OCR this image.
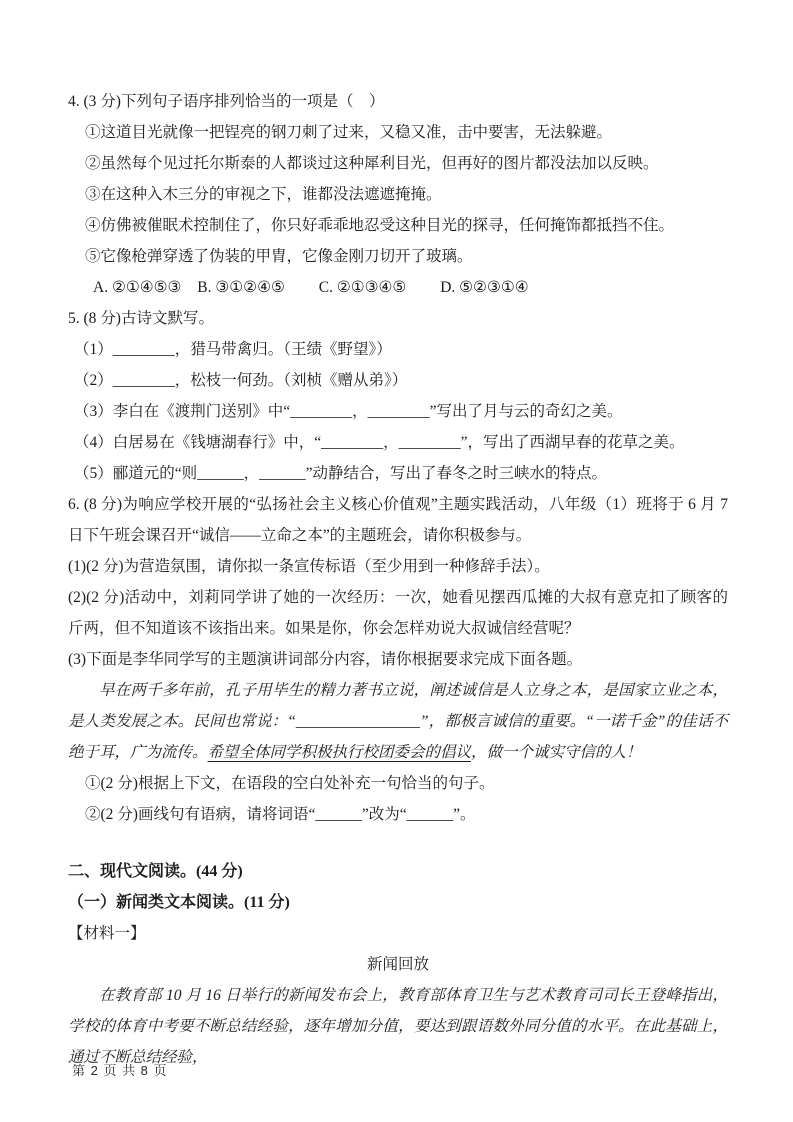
4. (3 分)下列句子语序排列恰当的一项是（　）

①这道目光就像一把锃亮的钢刀刺了过来，又稳又准，击中要害，无法躲避。

②虽然每个见过托尔斯泰的人都谈过这种犀利目光，但再好的图片都没法加以反映。

③在这种入木三分的审视之下，谁都没法遮遮掩掩。

④仿佛被催眠术控制住了，你只好乖乖地忍受这种目光的探寻，任何掩饰都抵挡不住。

⑤它像枪弹穿透了伪装的甲胄，它像金刚刀切开了玻璃。

A. ②①④⑤③ B. ③①②④⑤ C. ②①③④⑤ D. ⑤②③①④

5. (8 分)古诗文默写。

（1）________，猎马带禽归。（王绩《野望》）

（2）________，松枝一何劲。（刘桢《赠从弟》）

（3）李白在《渡荆门送别》中“________，________”写出了月与云的奇幻之美。

（4）白居易在《钱塘湖春行》中，“________，________”，写出了西湖早春的花草之美。

（5）郦道元的“则______，______”动静结合，写出了春冬之时三峡水的特点。

6. (8 分)为响应学校开展的“弘扬社会主义核心价值观”主题实践活动，八年级（1）班将于 6 月 7 日下午班会课召开“诚信——立命之本”的主题班会，请你积极参与。

(1)(2 分)为营造氛围，请你拟一条宣传标语（至少用到一种修辞手法）。

(2)(2 分)活动中，刘莉同学讲了她的一次经历：一次，她看见摆西瓜摊的大叔有意克扣了顾客的斤两，但不知道该不该指出来。如果是你，你会怎样劝说大叔诚信经营呢？

(3)下面是李华同学写的主题演讲词部分内容，请你根据要求完成下面各题。

早在两千多年前，孔子用毕生的精力著书立说，阐述诚信是人立身之本，是国家立业之本，是人类发展之本。民间也常说：“________________”，都极言诚信的重要。“一诺千金”的佳话不绝于耳，广为流传。希望全体同学积极执行校团委会的倡议，做一个诚实守信的人！

①(2 分)根据上下文，在语段的空白处补充一句恰当的句子。

②(2 分)画线句有语病，请将词语“______”改为“______”。

二、现代文阅读。(44 分)

（一）新闻类文本阅读。(11 分)

【材料一】

新闻回放

在教育部 10 月 16 日举行的新闻发布会上，教育部体育卫生与艺术教育司司长王登峰指出，学校的体育中考要不断总结经验，逐年增加分值，要达到跟语数外同分值的水平。在此基础上，通过不断总结经验，

第 2 页 共 8 页
